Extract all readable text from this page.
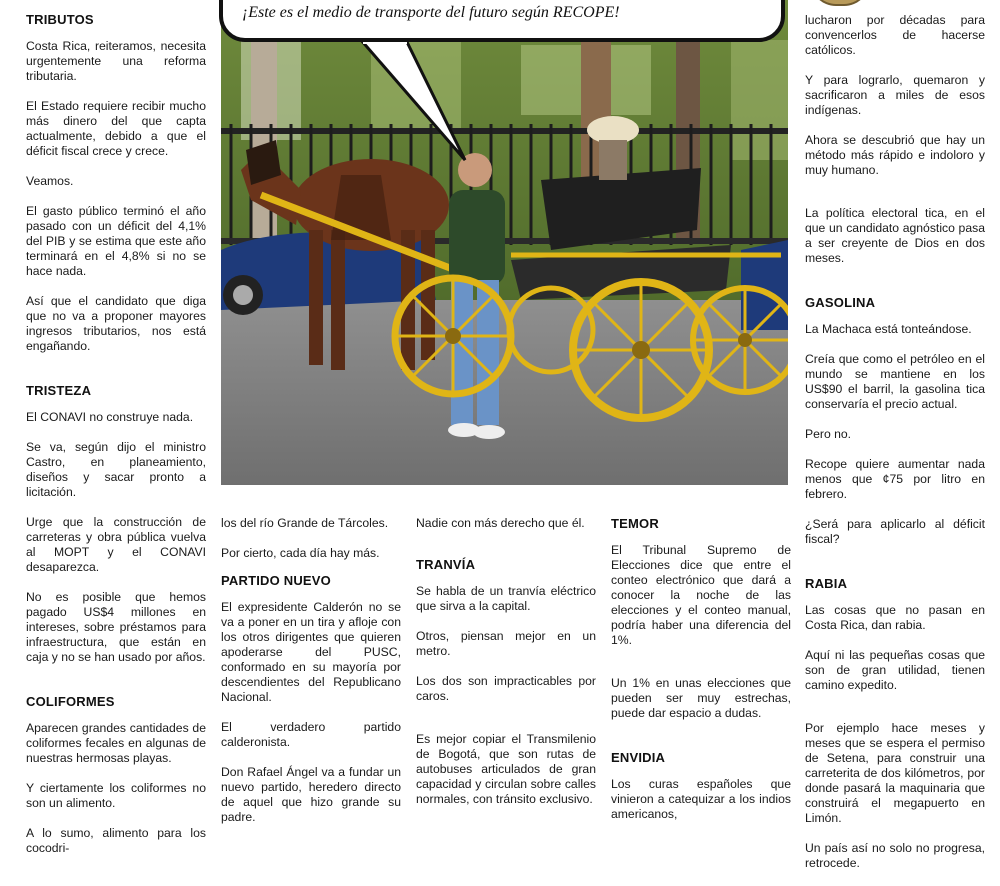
¡Este es el medio de transporte del futuro según RECOPE!
TRIBUTOS

Costa Rica, reiteramos, necesita urgentemente una reforma tributaria.

El Estado requiere recibir mucho más dinero del que capta actualmente, debido a que el déficit fiscal crece y crece.

Veamos.

El gasto público terminó el año pasado con un déficit del 4,1% del PIB y se estima que este año terminará en el 4,8% si no se hace nada.

Así que el candidato que diga que no va a proponer mayores ingresos tributarios, nos está engañando.

TRISTEZA

El CONAVI no construye nada.

Se va, según dijo el ministro Castro, en planeamiento, diseños y sacar pronto a licitación.

Urge que la construcción de carreteras y obra pública vuelva al MOPT y el CONAVI desaparezca.

No es posible que hemos pagado US$4 millones en intereses, sobre préstamos para infraestructura, que están en caja y no se han usado por años.

COLIFORMES

Aparecen grandes cantidades de coliformes fecales en algunas de nuestras hermosas playas.

Y ciertamente los coliformes no son un alimento.

A lo sumo, alimento para los cocodri-

los del río Grande de Tárcoles.

Por cierto, cada día hay más.

PARTIDO NUEVO

El expresidente Calderón no se va a poner en un tira y afloje con los otros dirigentes que quieren apoderarse del PUSC, conformado en su mayoría por descendientes del Republicano Nacional.

El verdadero partido calderonista.

Don Rafael Ángel va a fundar un nuevo partido, heredero directo de aquel que hizo grande su padre.

Nadie con más derecho que él.

TRANVÍA

Se habla de un tranvía eléctrico que sirva a la capital.

Otros, piensan mejor en un metro.

Los dos son impracticables por caros.

Es mejor copiar el Transmilenio de Bogotá, que son rutas de autobuses articulados de gran capacidad y circulan sobre calles normales, con tránsito exclusivo.

TEMOR

El Tribunal Supremo de Elecciones dice que entre el conteo electrónico que dará a conocer la noche de las elecciones y el conteo manual, podría haber una diferencia del 1%.

Un 1% en unas elecciones que pueden ser muy estrechas, puede dar espacio a dudas.

ENVIDIA

Los curas españoles que vinieron a catequizar a los indios americanos,

lucharon por décadas para convencerlos de hacerse católicos.

Y para lograrlo, quemaron y sacrificaron a miles de esos indígenas.

Ahora se descubrió que hay un método más rápido e indoloro y muy humano.

La política electoral tica, en el que un candidato agnóstico pasa a ser creyente de Dios en dos meses.

GASOLINA

La Machaca está tonteándose.

Creía que como el petróleo en el mundo se mantiene en los US$90 el barril, la gasolina tica conservaría el precio actual.

Pero no.

Recope quiere aumentar nada menos que ¢75 por litro en febrero.

¿Será para aplicarlo al déficit fiscal?

RABIA

Las cosas que no pasan en Costa Rica, dan rabia.

Aquí ni las pequeñas cosas que son de gran utilidad, tienen camino expedito.

Por ejemplo hace meses y meses que se espera el permiso de Setena, para construir una carreterita de dos kilómetros, por donde pasará la maquinaria que construirá el megapuerto en Limón.

Un país así no solo no progresa, retrocede.
